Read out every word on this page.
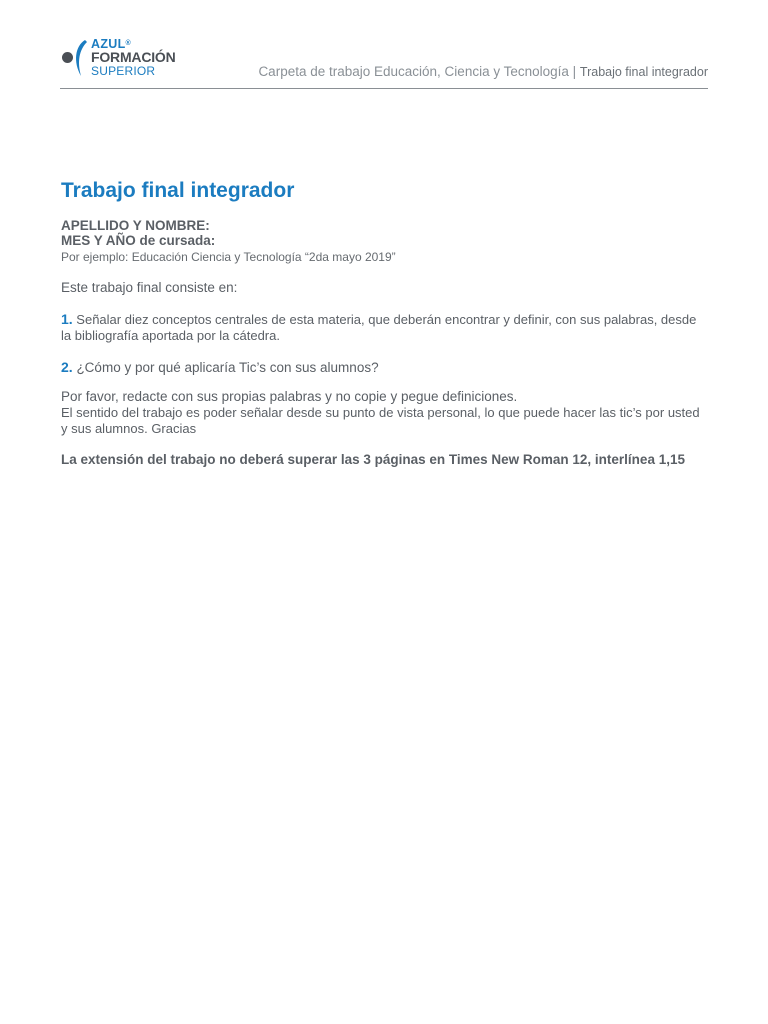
AZUL®
FORMACIÓN
SUPERIOR	Carpeta de trabajo Educación, Ciencia y Tecnología | Trabajo final integrador
Trabajo final integrador
APELLIDO Y NOMBRE:
MES Y AÑO de cursada:
Por ejemplo: Educación Ciencia y Tecnología “2da mayo 2019”
Este trabajo final consiste en:
1. Señalar diez conceptos centrales de esta materia, que deberán encontrar y definir, con sus palabras, desde la bibliografía aportada por la cátedra.
2. ¿Cómo y por qué aplicaría Tic’s con sus alumnos?
Por favor, redacte con sus propias palabras y no copie y pegue definiciones.
El sentido del trabajo es poder señalar desde su punto de vista personal, lo que puede hacer las tic’s por usted y sus alumnos. Gracias
La extensión del trabajo no deberá superar las 3 páginas en Times New Roman 12, interlínea 1,15
